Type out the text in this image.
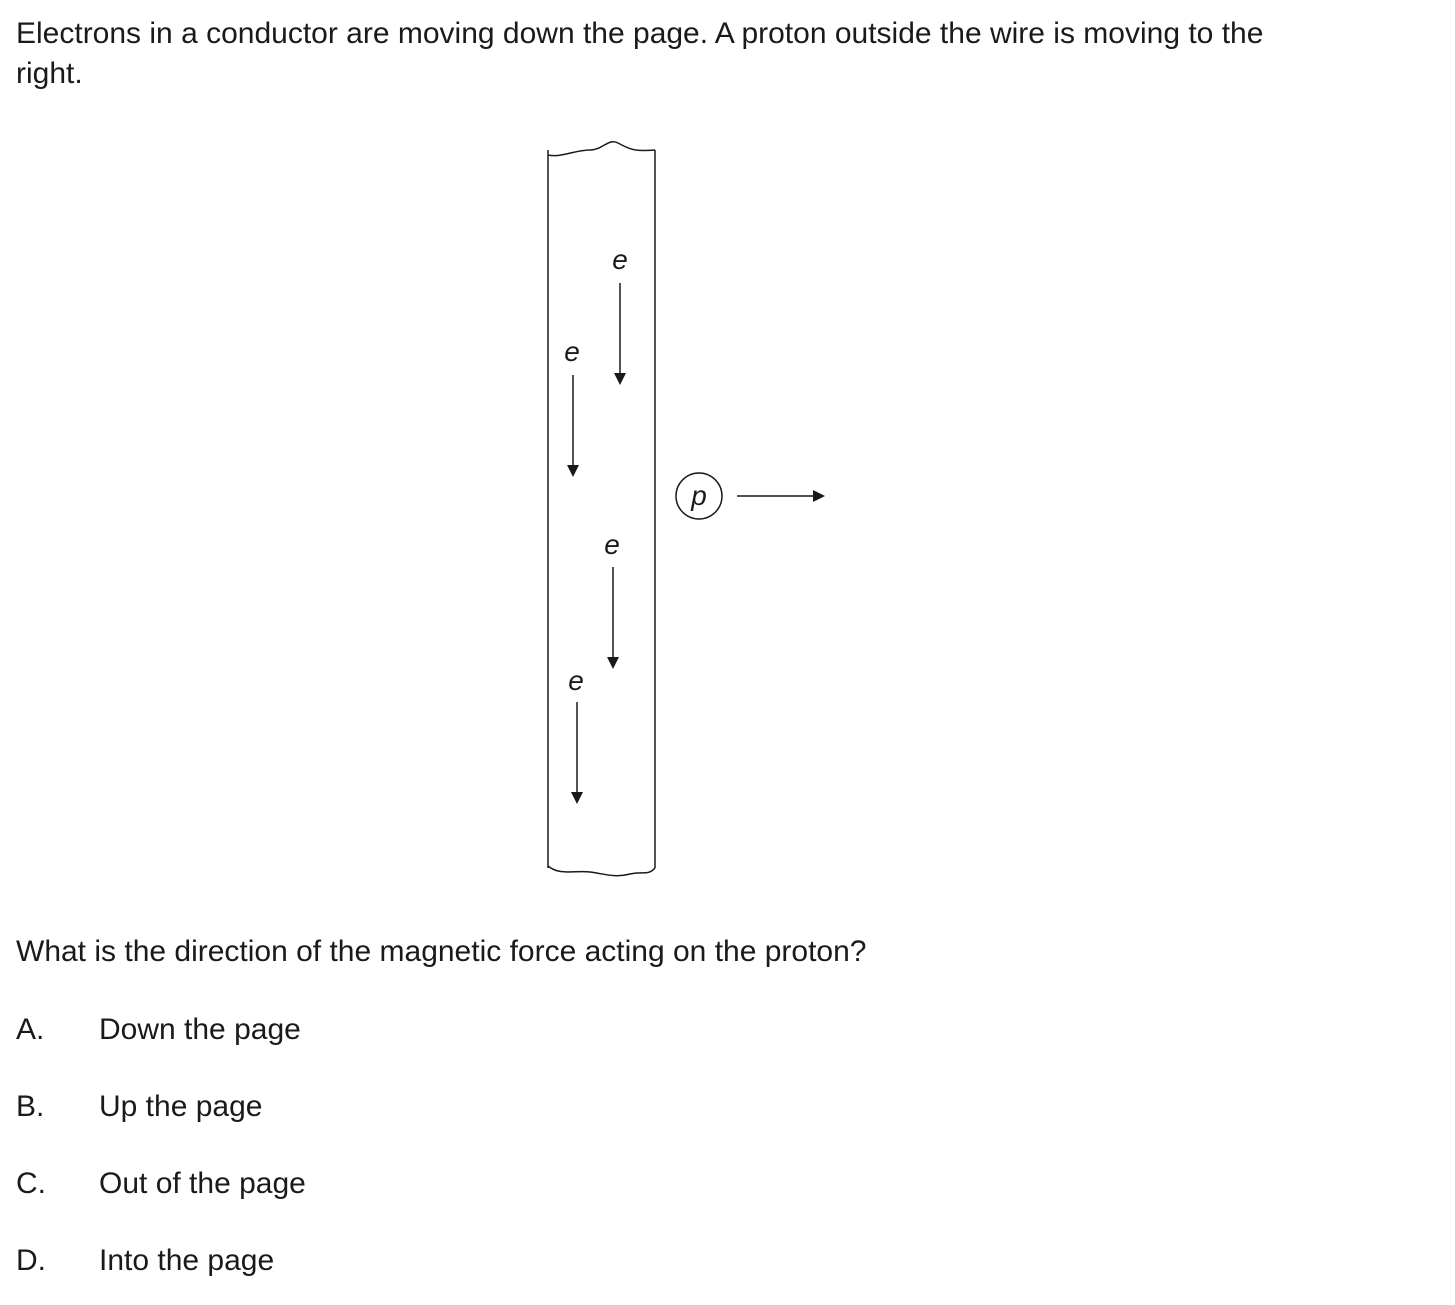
Electrons in a conductor are moving down the page. A proton outside the wire is moving to the right.

e
e
e
e
p

What is the direction of the magnetic force acting on the proton?

A.	Down the page
B.	Up the page
C.	Out of the page
D.	Into the page
